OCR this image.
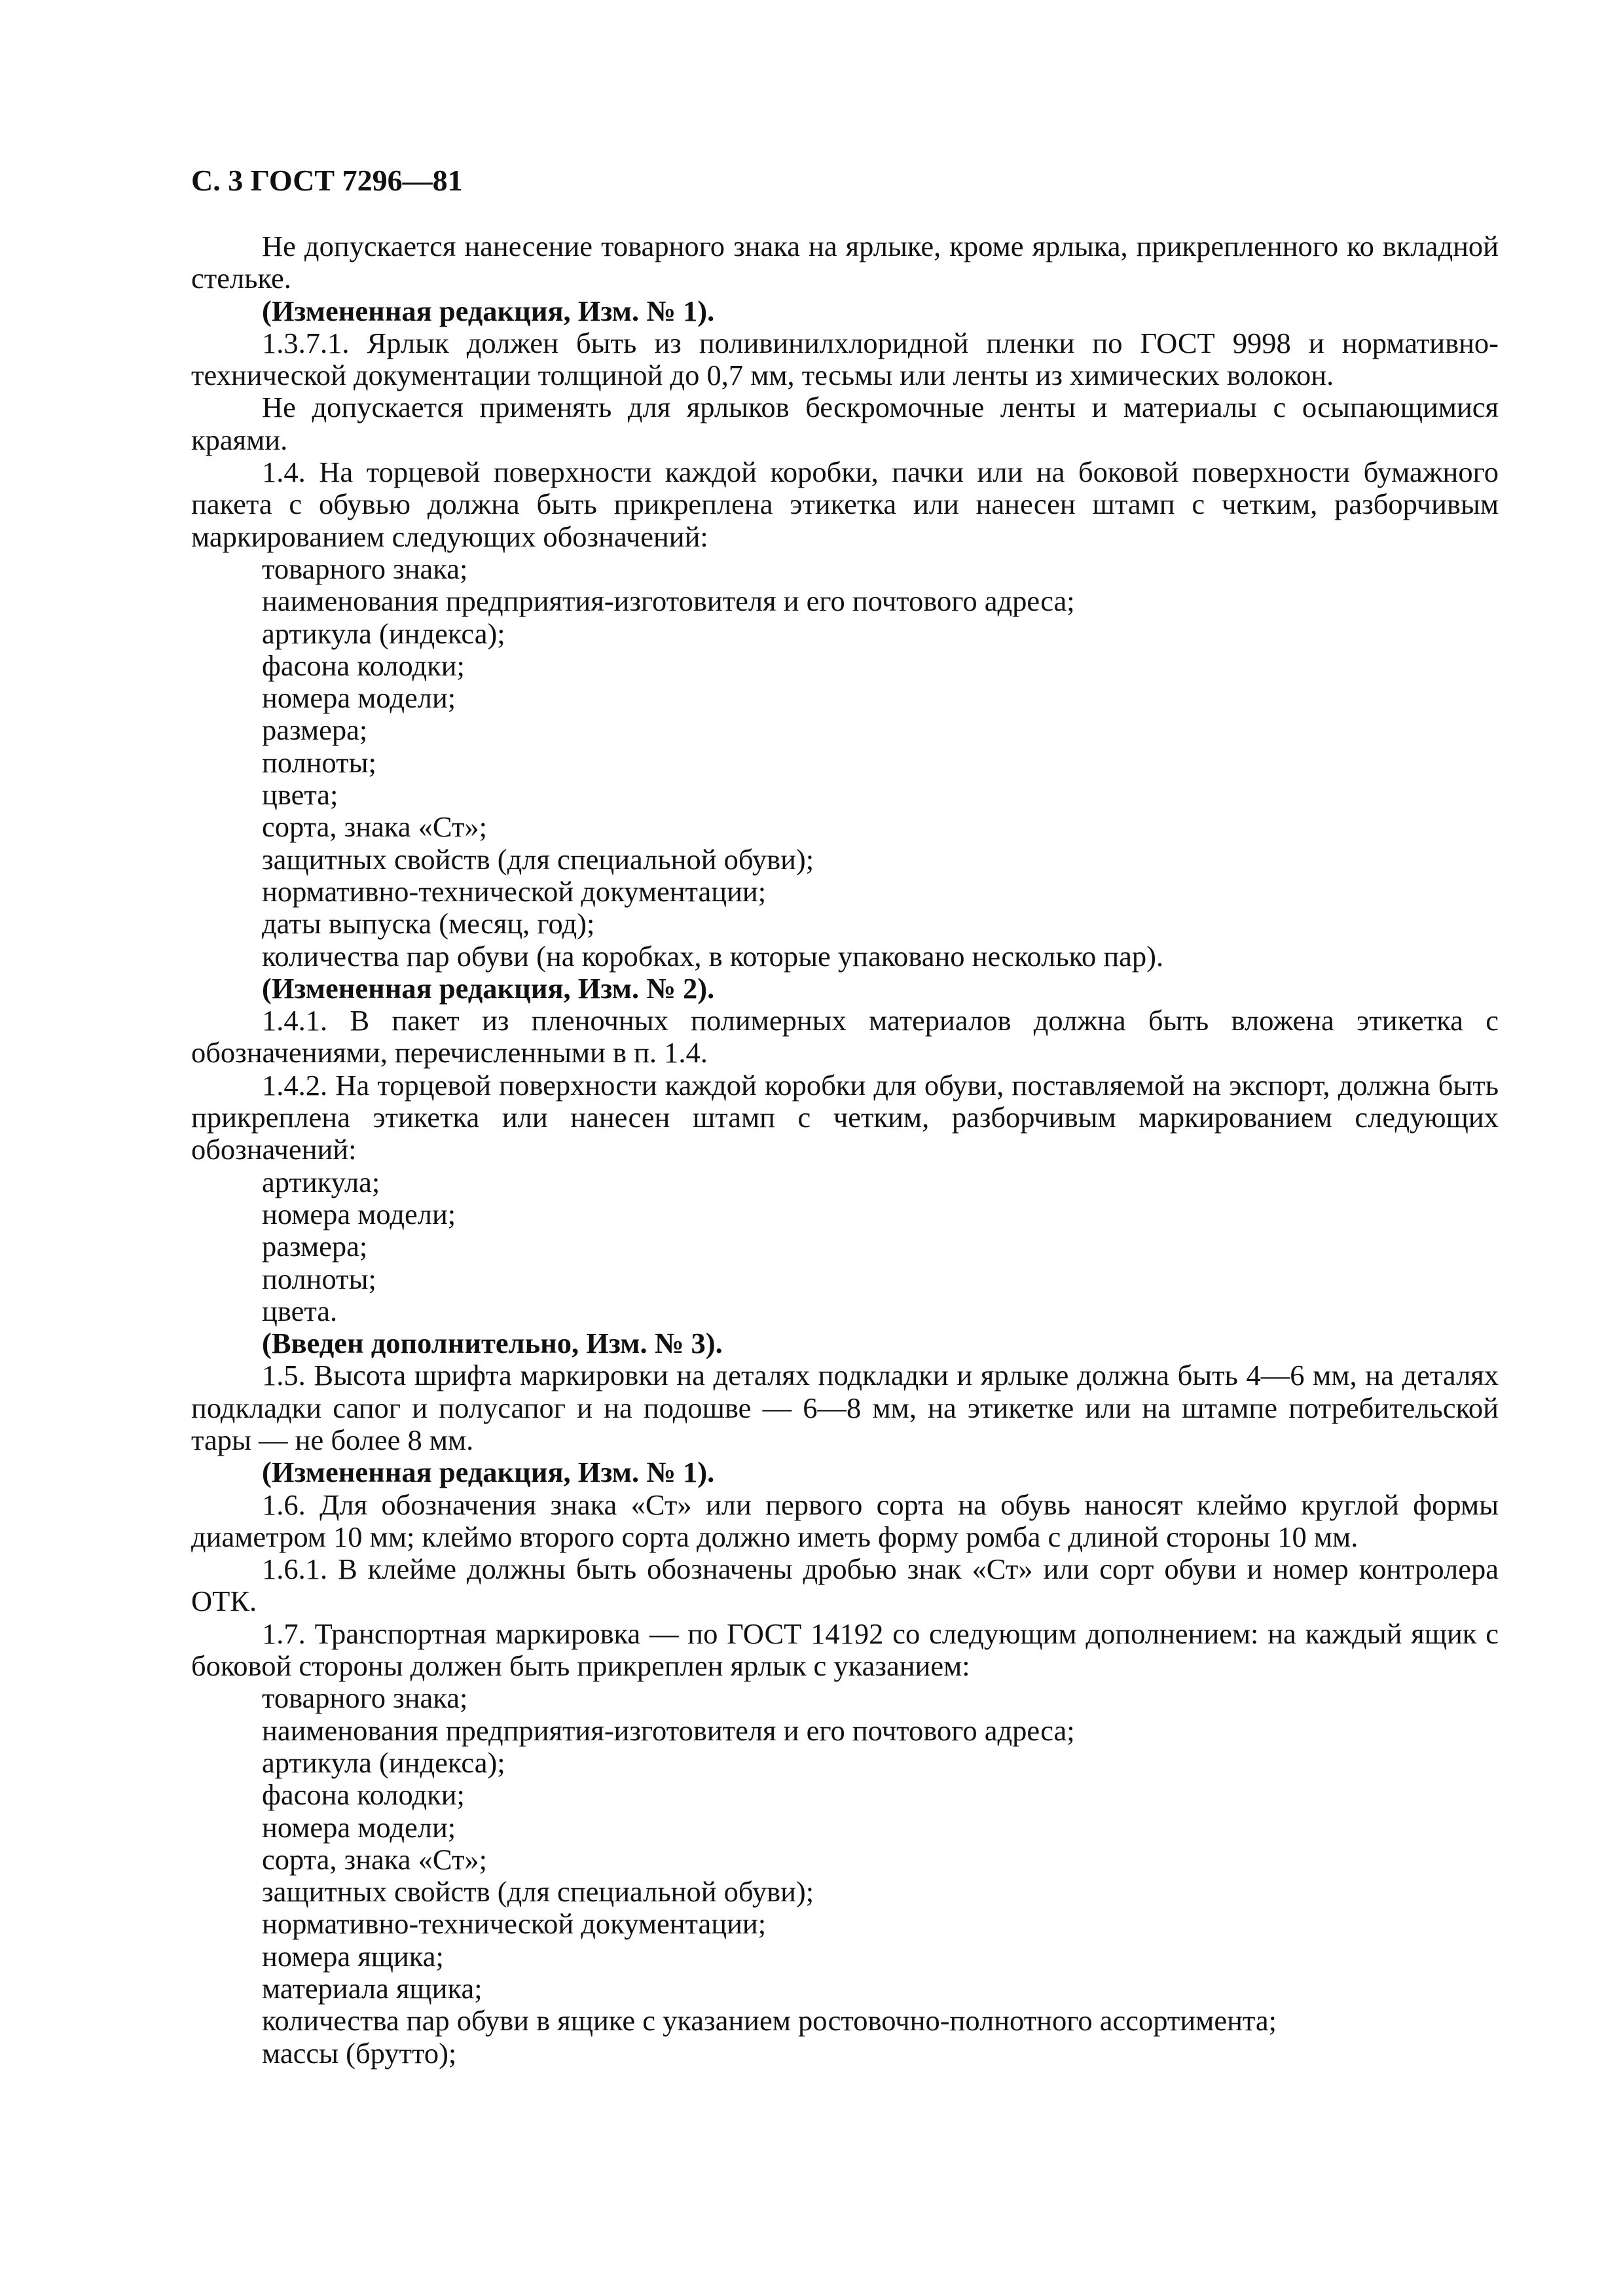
С. 3 ГОСТ 7296—81

Не допускается нанесение товарного знака на ярлыке, кроме ярлыка, прикрепленного ко вкладной стельке.

(Измененная редакция, Изм. № 1).

1.3.7.1. Ярлык должен быть из поливинилхлоридной пленки по ГОСТ 9998 и нормативно-технической документации толщиной до 0,7 мм, тесьмы или ленты из химических волокон.

Не допускается применять для ярлыков бескромочные ленты и материалы с осыпающимися краями.

1.4. На торцевой поверхности каждой коробки, пачки или на боковой поверхности бумажного пакета с обувью должна быть прикреплена этикетка или нанесен штамп с четким, разборчивым маркированием следующих обозначений:

товарного знака;

наименования предприятия-изготовителя и его почтового адреса;

артикула (индекса);

фасона колодки;

номера модели;

размера;

полноты;

цвета;

сорта, знака «Ст»;

защитных свойств (для специальной обуви);

нормативно-технической документации;

даты выпуска (месяц, год);

количества пар обуви (на коробках, в которые упаковано несколько пар).

(Измененная редакция, Изм. № 2).

1.4.1. В пакет из пленочных полимерных материалов должна быть вложена этикетка с обозначениями, перечисленными в п. 1.4.

1.4.2. На торцевой поверхности каждой коробки для обуви, поставляемой на экспорт, должна быть прикреплена этикетка или нанесен штамп с четким, разборчивым маркированием следующих обозначений:

артикула;

номера модели;

размера;

полноты;

цвета.

(Введен дополнительно, Изм. № 3).

1.5. Высота шрифта маркировки на деталях подкладки и ярлыке должна быть 4—6 мм, на деталях подкладки сапог и полусапог и на подошве — 6—8 мм, на этикетке или на штампе потребительской тары — не более 8 мм.

(Измененная редакция, Изм. № 1).

1.6. Для обозначения знака «Ст» или первого сорта на обувь наносят клеймо круглой формы диаметром 10 мм; клеймо второго сорта должно иметь форму ромба с длиной стороны 10 мм.

1.6.1. В клейме должны быть обозначены дробью знак «Ст» или сорт обуви и номер контролера ОТК.

1.7. Транспортная маркировка — по ГОСТ 14192 со следующим дополнением: на каждый ящик с боковой стороны должен быть прикреплен ярлык с указанием:

товарного знака;

наименования предприятия-изготовителя и его почтового адреса;

артикула (индекса);

фасона колодки;

номера модели;

сорта, знака «Ст»;

защитных свойств (для специальной обуви);

нормативно-технической документации;

номера ящика;

материала ящика;

количества пар обуви в ящике с указанием ростовочно-полнотного ассортимента;

массы (брутто);
